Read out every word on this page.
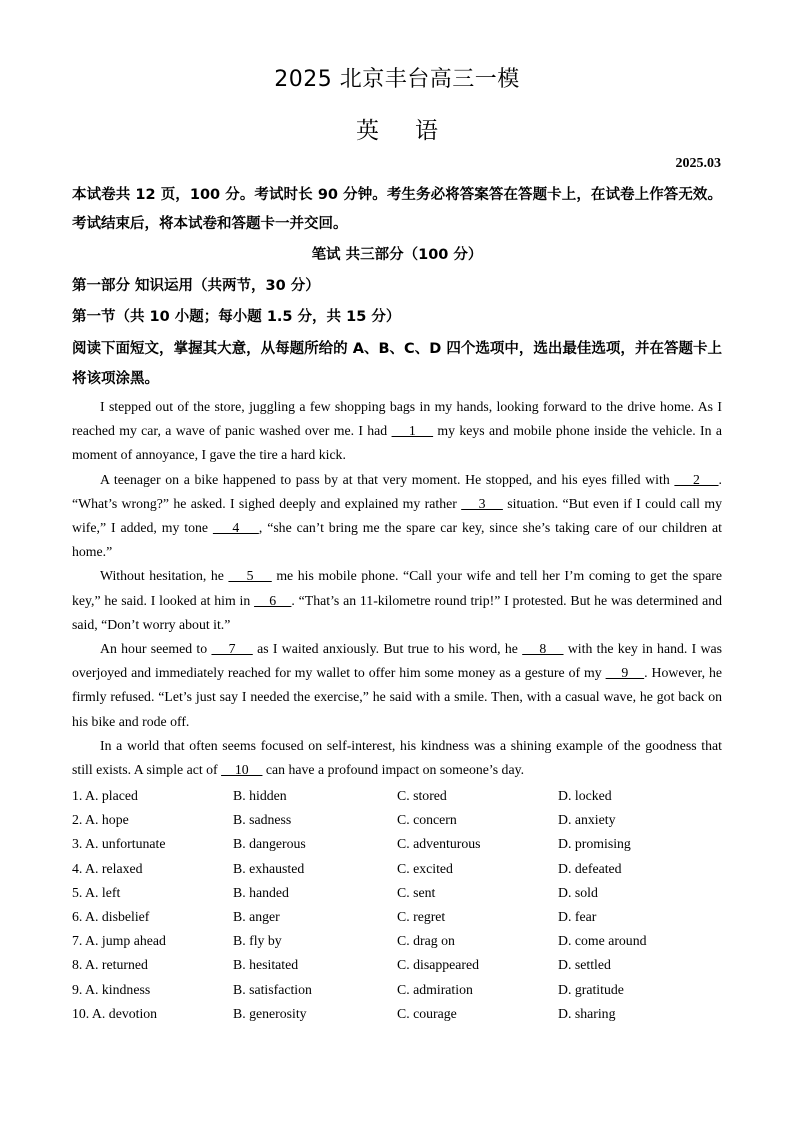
2025 北京丰台高三一模
英 语
2025.03
本试卷共 12 页，100 分。考试时长 90 分钟。考生务必将答案答在答题卡上，在试卷上作答无效。考试结束后，将本试卷和答题卡一并交回。
笔试 共三部分（100 分）
第一部分 知识运用（共两节，30 分）
第一节（共 10 小题；每小题 1.5 分，共 15 分）
阅读下面短文，掌握其大意，从每题所给的 A、B、C、D 四个选项中，选出最佳选项，并在答题卡上将该项涂黑。

I stepped out of the store, juggling a few shopping bags in my hands, looking forward to the drive home. As I reached my car, a wave of panic washed over me. I had     1     my keys and mobile phone inside the vehicle. In a moment of annoyance, I gave the tire a hard kick.

A teenager on a bike happened to pass by at that very moment. He stopped, and his eyes filled with     2    . “What’s wrong?” he asked. I sighed deeply and explained my rather     3     situation. “But even if I could call my wife,” I added, my tone     4    , “she can’t bring me the spare car key, since she’s taking care of our children at home.”

Without hesitation, he     5     me his mobile phone. “Call your wife and tell her I’m coming to get the spare key,” he said. I looked at him in     6    . “That’s an 11-kilometre round trip!” I protested. But he was determined and said, “Don’t worry about it.”

An hour seemed to     7     as I waited anxiously. But true to his word, he     8     with the key in hand. I was overjoyed and immediately reached for my wallet to offer him some money as a gesture of my     9    . However, he firmly refused. “Let’s just say I needed the exercise,” he said with a smile. Then, with a casual wave, he got back on his bike and rode off.

In a world that often seems focused on self-interest, his kindness was a shining example of the goodness that still exists. A simple act of     10     can have a profound impact on someone’s day.

1. A. placed	B. hidden	C. stored	D. locked
2. A. hope	B. sadness	C. concern	D. anxiety
3. A. unfortunate	B. dangerous	C. adventurous	D. promising
4. A. relaxed	B. exhausted	C. excited	D. defeated
5. A. left	B. handed	C. sent	D. sold
6. A. disbelief	B. anger	C. regret	D. fear
7. A. jump ahead	B. fly by	C. drag on	D. come around
8. A. returned	B. hesitated	C. disappeared	D. settled
9. A. kindness	B. satisfaction	C. admiration	D. gratitude
10. A. devotion	B. generosity	C. courage	D. sharing
